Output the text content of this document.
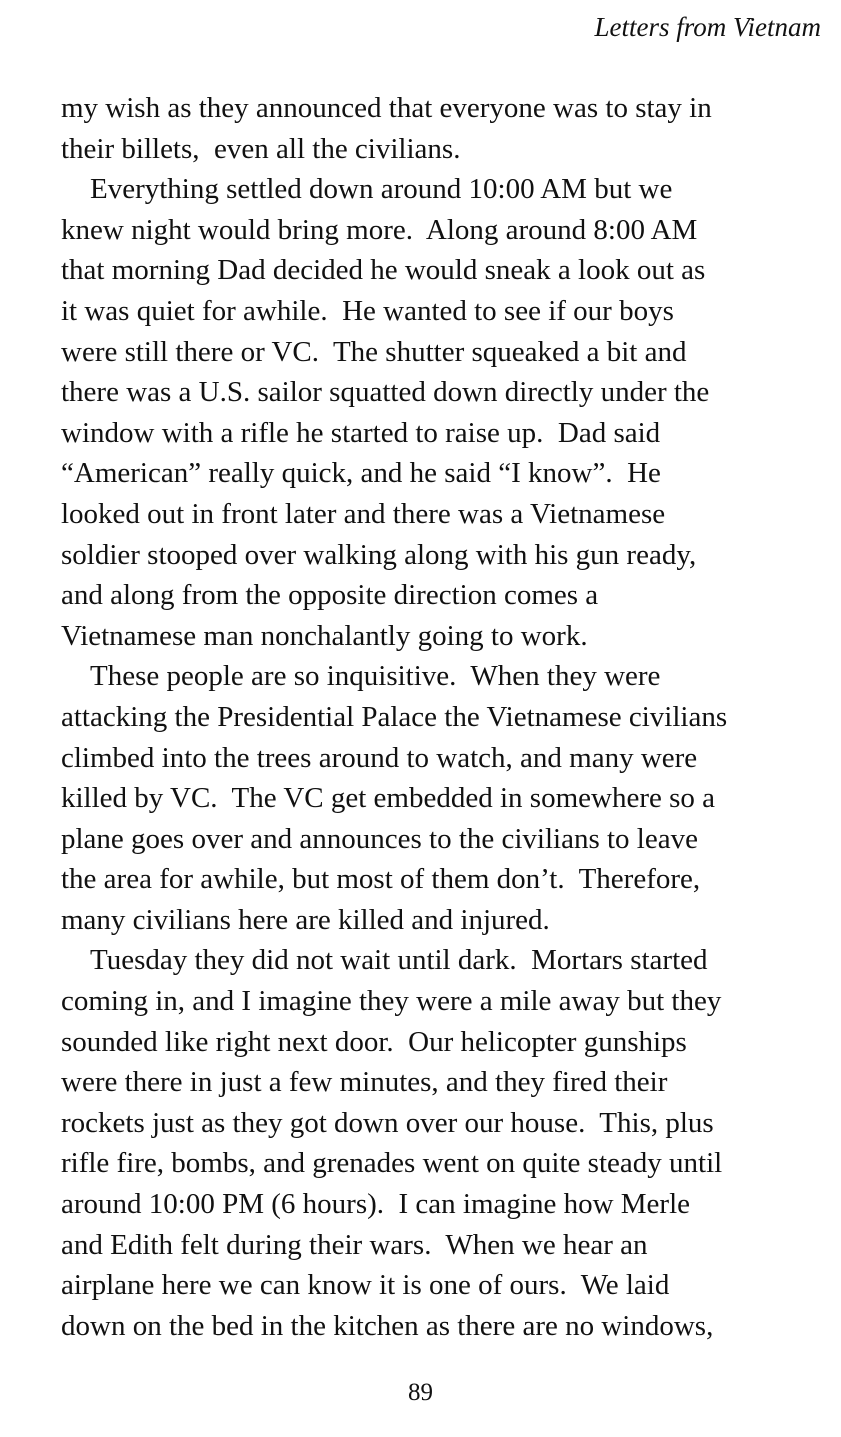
Letters from Vietnam
my wish as they announced that everyone was to stay in
their billets,  even all the civilians.
Everything settled down around 10:00 AM but we
knew night would bring more.  Along around 8:00 AM
that morning Dad decided he would sneak a look out as
it was quiet for awhile.  He wanted to see if our boys
were still there or VC.  The shutter squeaked a bit and
there was a U.S. sailor squatted down directly under the
window with a rifle he started to raise up.  Dad said
“American” really quick, and he said “I know”.  He
looked out in front later and there was a Vietnamese
soldier stooped over walking along with his gun ready,
and along from the opposite direction comes a
Vietnamese man nonchalantly going to work.
These people are so inquisitive.  When they were
attacking the Presidential Palace the Vietnamese civilians
climbed into the trees around to watch, and many were
killed by VC.  The VC get embedded in somewhere so a
plane goes over and announces to the civilians to leave
the area for awhile, but most of them don’t.  Therefore,
many civilians here are killed and injured.
Tuesday they did not wait until dark.  Mortars started
coming in, and I imagine they were a mile away but they
sounded like right next door.  Our helicopter gunships
were there in just a few minutes, and they fired their
rockets just as they got down over our house.  This, plus
rifle fire, bombs, and grenades went on quite steady until
around 10:00 PM (6 hours).  I can imagine how Merle
and Edith felt during their wars.  When we hear an
airplane here we can know it is one of ours.  We laid
down on the bed in the kitchen as there are no windows,
89
